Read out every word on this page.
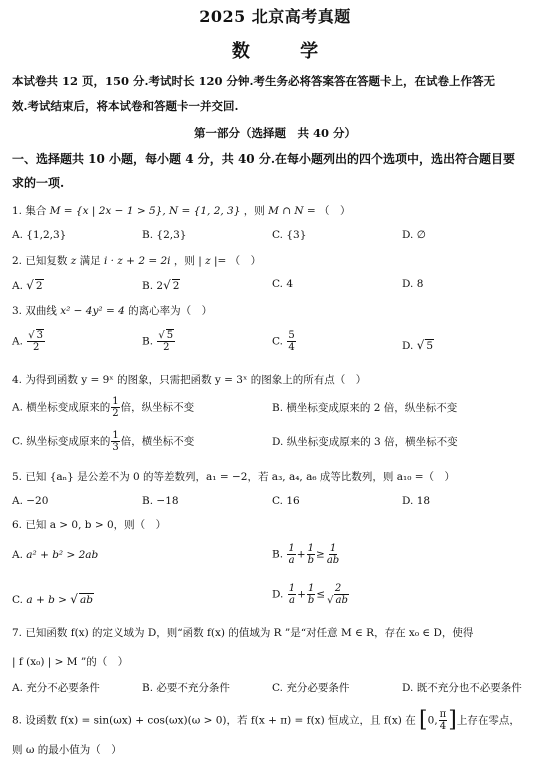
2025 北京高考真题
数 学
本试卷共 12 页，150 分.考试时长 120 分钟.考生务必将答案答在答题卡上，在试卷上作答无
效.考试结束后，将本试卷和答题卡一并交回.
第一部分（选择题　共 40 分）
一、选择题共 10 小题，每小题 4 分，共 40 分.在每小题列出的四个选项中，选出符合题目要
求的一项.
1. 集合 M = {x | 2x − 1 > 5}, N = {1, 2, 3} ，则 M ∩ N = （　）
A. {1,2,3}	B. {2,3}	C. {3}	D. ∅
2. 已知复数 z 满足 i · z + 2 = 2i ，则 | z |= （　）
A. √ 2	B. 2√ 2	C. 4	D. 8
3. 双曲线 x² − 4y² = 4 的离心率为（　）
A. $\frac{√ 3}{2}$	B. $\frac{√ 5}{2}$	C. $\frac{5}{4}$	D. √ 5
4. 为得到函数 y = 9ˣ 的图象，只需把函数 y = 3ˣ 的图象上的所有点（　）
A. 横坐标变成原来的 $\frac{1}{2}$ 倍，纵坐标不变	B. 横坐标变成原来的 2 倍，纵坐标不变
C. 纵坐标变成原来的 $\frac{1}{3}$ 倍，横坐标不变	D. 纵坐标变成原来的 3 倍，横坐标不变
5. 已知 {aₙ} 是公差不为 0 的等差数列，a₁ = −2，若 a₃, a₄, a₆ 成等比数列，则 a₁₀ =（　）
A. −20	B. −18	C. 16	D. 18
6. 已知 a > 0, b > 0，则（　）
A. a² + b² > 2ab	B. $\frac{1}{a} + \frac{1}{b} \ge \frac{1}{ab}$
C. a + b > √ ab	D. $\frac{1}{a} + \frac{1}{b} \le \frac{2}{√ ab}$
7. 已知函数 f(x) 的定义域为 D，则“函数 f(x) 的值域为 R ”是“对任意 M ∈ R，存在 x₀ ∈ D，使得
| f (x₀) | > M ”的（　）
A. 充分不必要条件	B. 必要不充分条件	C. 充分必要条件	D. 既不充分也不必要条件
8. 设函数 f(x) = sin(ωx) + cos(ωx)(ω > 0)，若 f(x + π) = f(x) 恒成立，且 f(x) 在 [0, $\frac{\pi}{4}$ ]上存在零点，
则 ω 的最小值为（　）
